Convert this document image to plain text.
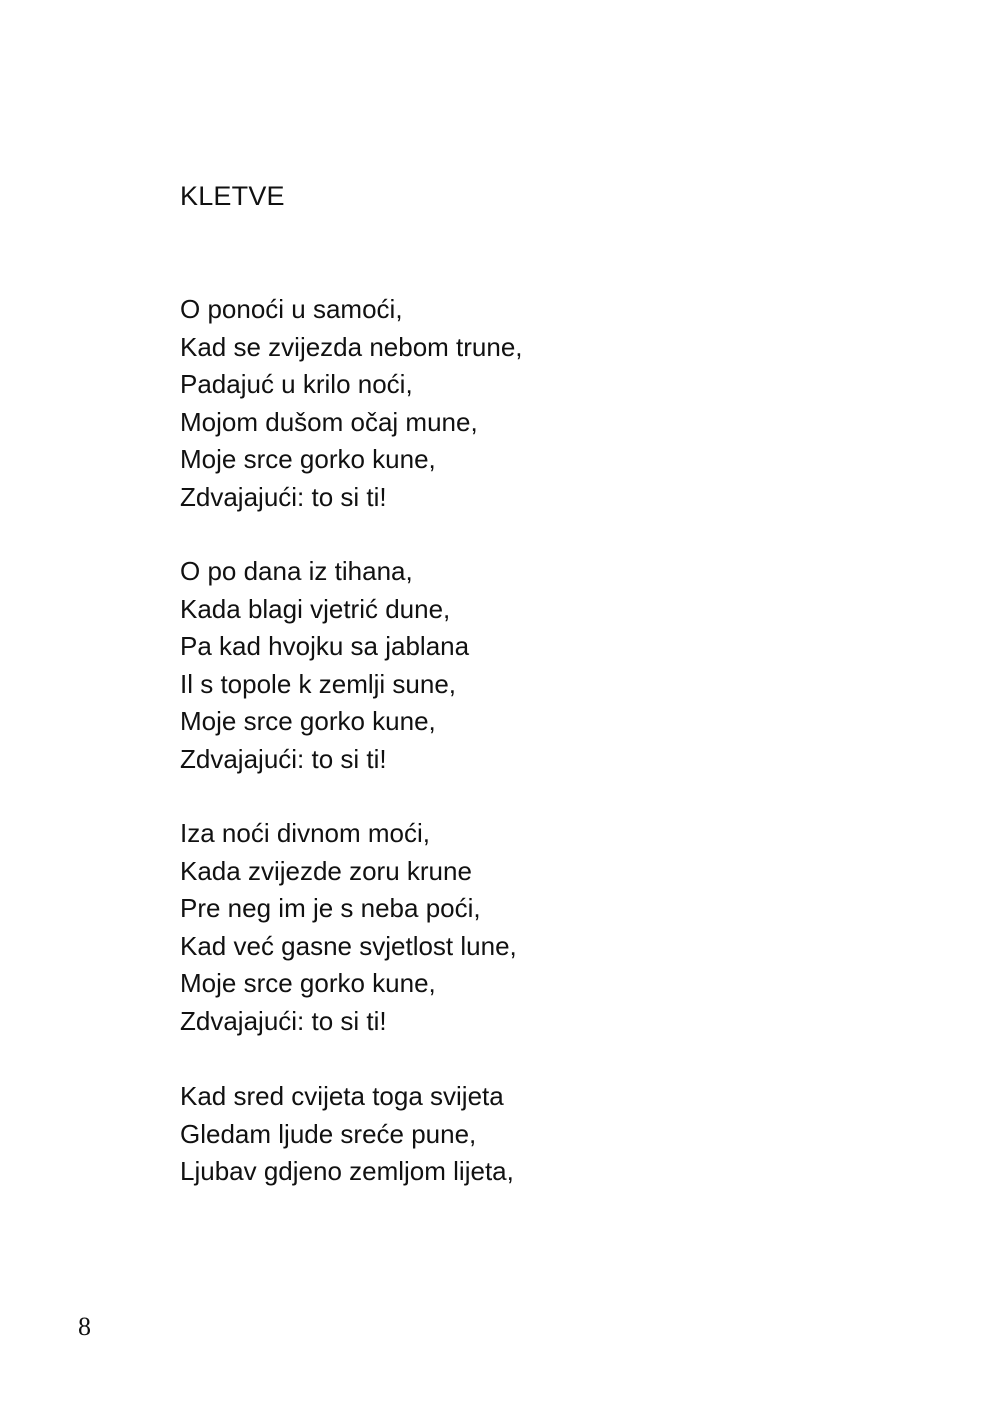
KLETVE
O ponoći u samoći,
Kad se zvijezda nebom trune,
Padajuć u krilo noći,
Mojom dušom očaj mune,
Moje srce gorko kune,
Zdvajajući: to si ti!
O po dana iz tihana,
Kada blagi vjetrić dune,
Pa kad hvojku sa jablana
Il s topole k zemlji sune,
Moje srce gorko kune,
Zdvajajući: to si ti!
Iza noći divnom moći,
Kada zvijezde zoru krune
Pre neg im je s neba poći,
Kad već gasne svjetlost lune,
Moje srce gorko kune,
Zdvajajući: to si ti!
Kad sred cvijeta toga svijeta
Gledam ljude sreće pune,
Ljubav gdjeno zemljom lijeta,

8
